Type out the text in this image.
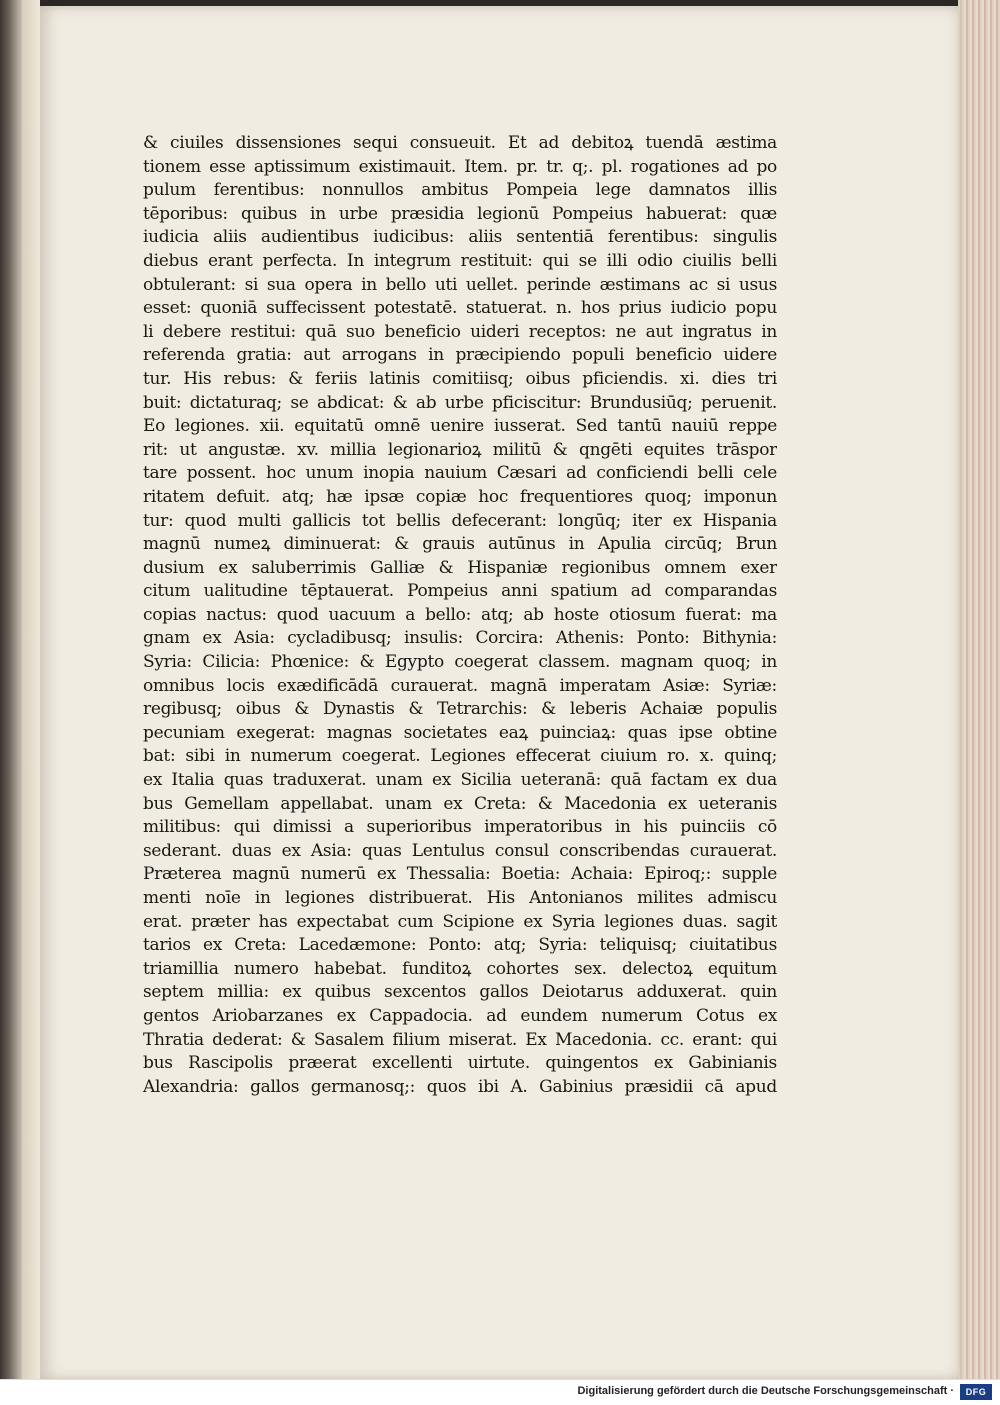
& ciuiles dissensiones sequi consueuit. Et ad debitoꝝ tuendā æstima
tionem esse aptissimum existimauit. Item. pr. tr. q;. pl. rogationes ad po
pulum ferentibus: nonnullos ambitus Pompeia lege damnatos illis
tēporibus: quibus in urbe præsidia legionū Pompeius habuerat: quæ
iudicia aliis audientibus iudicibus: aliis sententiā ferentibus: singulis
diebus erant perfecta. In integrum restituit: qui se illi odio ciuilis belli
obtulerant: si sua opera in bello uti uellet. perinde æstimans ac si usus
esset: quoniā suffecissent potestatē. statuerat. n. hos prius iudicio popu
li debere restitui: quā suo beneficio uideri receptos: ne aut ingratus in
referenda gratia: aut arrogans in præcipiendo populi beneficio uidere
tur. His rebus: & feriis latinis comitiisq; oibus pficiendis. xi. dies tri
buit: dictaturaq; se abdicat: & ab urbe pficiscitur: Brundusiūq; peruenit.
Eo legiones. xii. equitatū omnē uenire iusserat. Sed tantū nauiū reppe
rit: ut angustæ. xv. millia legionarioꝝ militū & qngēti equites trāspor
tare possent. hoc unum inopia nauium Cæsari ad conficiendi belli cele
ritatem defuit. atq; hæ ipsæ copiæ hoc frequentiores quoq; imponun
tur: quod multi gallicis tot bellis defecerant: longūq; iter ex Hispania
magnū numeꝝ diminuerat: & grauis autūnus in Apulia circūq; Brun
dusium ex saluberrimis Galliæ & Hispaniæ regionibus omnem exer
citum ualitudine tēptauerat. Pompeius anni spatium ad comparandas
copias nactus: quod uacuum a bello: atq; ab hoste otiosum fuerat: ma
gnam ex Asia: cycladibusq; insulis: Corcira: Athenis: Ponto: Bithynia:
Syria: Cilicia: Phœnice: & Egypto coegerat classem. magnam quoq; in
omnibus locis exædificādā curauerat. magnā imperatam Asiæ: Syriæ:
regibusq; oibus & Dynastis & Tetrarchis: & leberis Achaiæ populis
pecuniam exegerat: magnas societates eaꝝ puinciaꝝ: quas ipse obtine
bat: sibi in numerum coegerat. Legiones effecerat ciuium ro. x. quinq;
ex Italia quas traduxerat. unam ex Sicilia ueteranā: quā factam ex dua
bus Gemellam appellabat. unam ex Creta: & Macedonia ex ueteranis
militibus: qui dimissi a superioribus imperatoribus in his puinciis cō
sederant. duas ex Asia: quas Lentulus consul conscribendas curauerat.
Præterea magnū numerū ex Thessalia: Boetia: Achaia: Epiroq;: supple
menti noīe in legiones distribuerat. His Antonianos milites admiscu
erat. præter has expectabat cum Scipione ex Syria legiones duas. sagit
tarios ex Creta: Lacedæmone: Ponto: atq; Syria: teliquisq; ciuitatibus
triamillia numero habebat. funditoꝝ cohortes sex. delectoꝝ equitum
septem millia: ex quibus sexcentos gallos Deiotarus adduxerat. quin
gentos Ariobarzanes ex Cappadocia. ad eundem numerum Cotus ex
Thratia dederat: & Sasalem filium miserat. Ex Macedonia. cc. erant: qui
bus Rascipolis præerat excellenti uirtute. quingentos ex Gabinianis
Alexandria: gallos germanosq;: quos ibi A. Gabinius præsidii cā apud
Digitalisierung gefördert durch die Deutsche Forschungsgemeinschaft ·	DFG
